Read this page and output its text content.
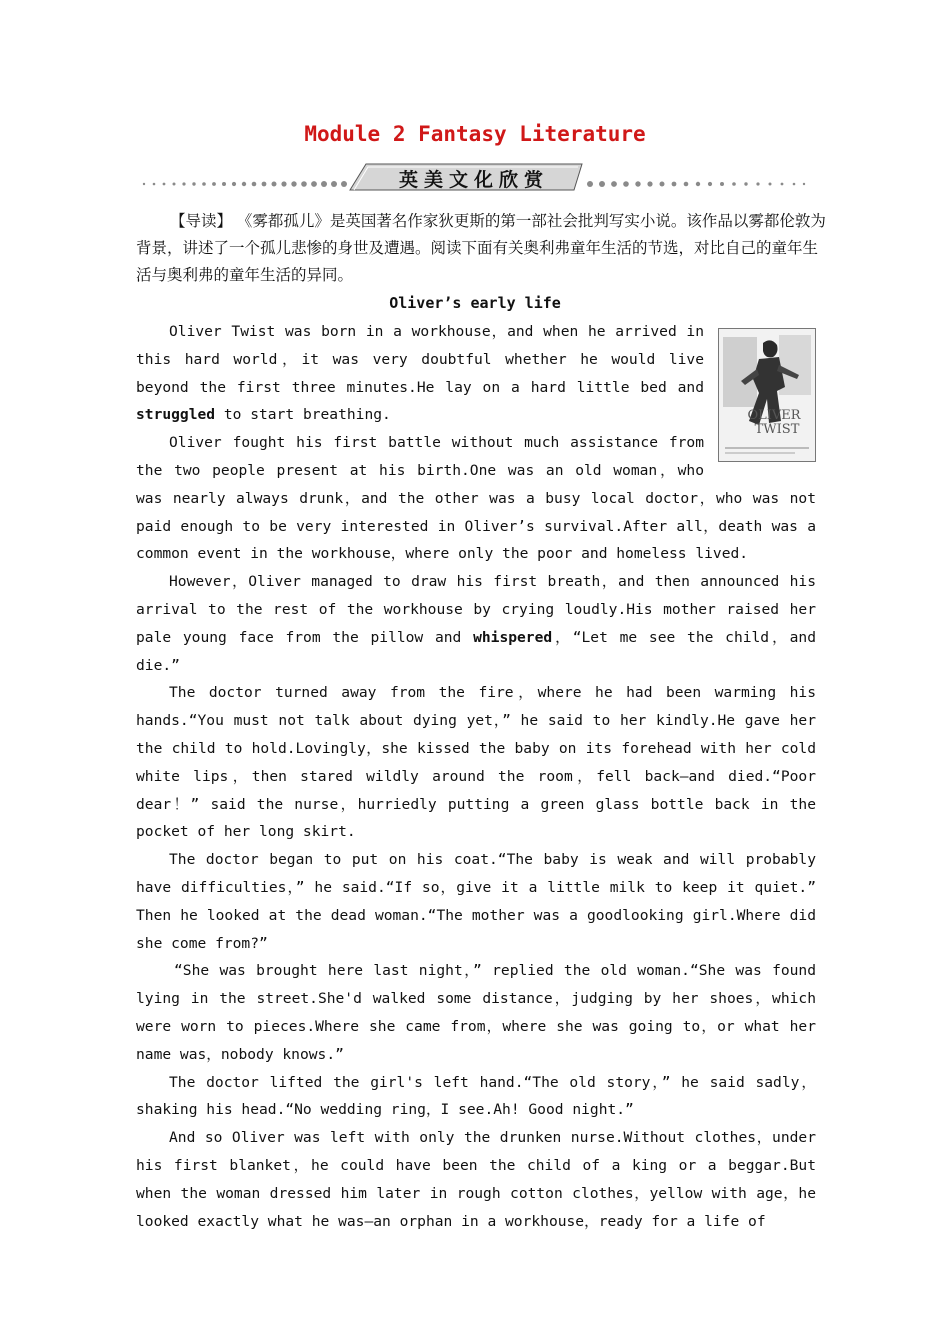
Module 2 Fantasy Literature
英美文化欣赏

【导读】 《雾都孤儿》是英国著名作家狄更斯的第一部社会批判写实小说。该作品以雾都伦敦为背景，讲述了一个孤儿悲惨的身世及遭遇。阅读下面有关奥利弗童年生活的节选，对比自己的童年生活与奥利弗的童年生活的异同。

Oliver’s early life
OLIVER
TWIST

Oliver Twist was born in a workhouse，and when he arrived in this hard world，it was very doubtful whether he would live beyond the first three minutes.He lay on a hard little bed and struggled to start breathing.

Oliver fought his first battle without much assistance from the two people present at his birth.One was an old woman，who was nearly always drunk，and the other was a busy local doctor，who was not paid enough to be very interested in Oliver’s survival.After all，death was a common event in the workhouse，where only the poor and homeless lived.

However，Oliver managed to draw his first breath，and then announced his arrival to the rest of the workhouse by crying loudly.His mother raised her pale young face from the pillow and whispered，“Let me see the child，and die.”

The doctor turned away from the fire，where he had been warming his hands.“You must not talk about dying yet，” he said to her kindly.He gave her the child to hold.Lovingly，she kissed the baby on its forehead with her cold white lips，then stared wildly around the room，fell back—and died.“Poor dear！” said the nurse，hurriedly putting a green glass bottle back in the pocket of her long skirt.

The doctor began to put on his coat.“The baby is weak and will probably have difficulties，” he said.“If so，give it a little milk to keep it quiet.” Then he looked at the dead woman.“The mother was a goodlooking girl.Where did she come from?”

“She was brought here last night，” replied the old woman.“She was found lying in the street.She'd walked some distance，judging by her shoes，which were worn to pieces.Where she came from，where she was going to，or what her name was，nobody knows.”

The doctor lifted the girl's left hand.“The old story，” he said sadly，shaking his head.“No wedding ring，I see.Ah! Good night.”

And so Oliver was left with only the drunken nurse.Without clothes，under his first blanket，he could have been the child of a king or a beggar.But when the woman dressed him later in rough cotton clothes，yellow with age，he looked exactly what he was—an orphan in a workhouse，ready for a life of
